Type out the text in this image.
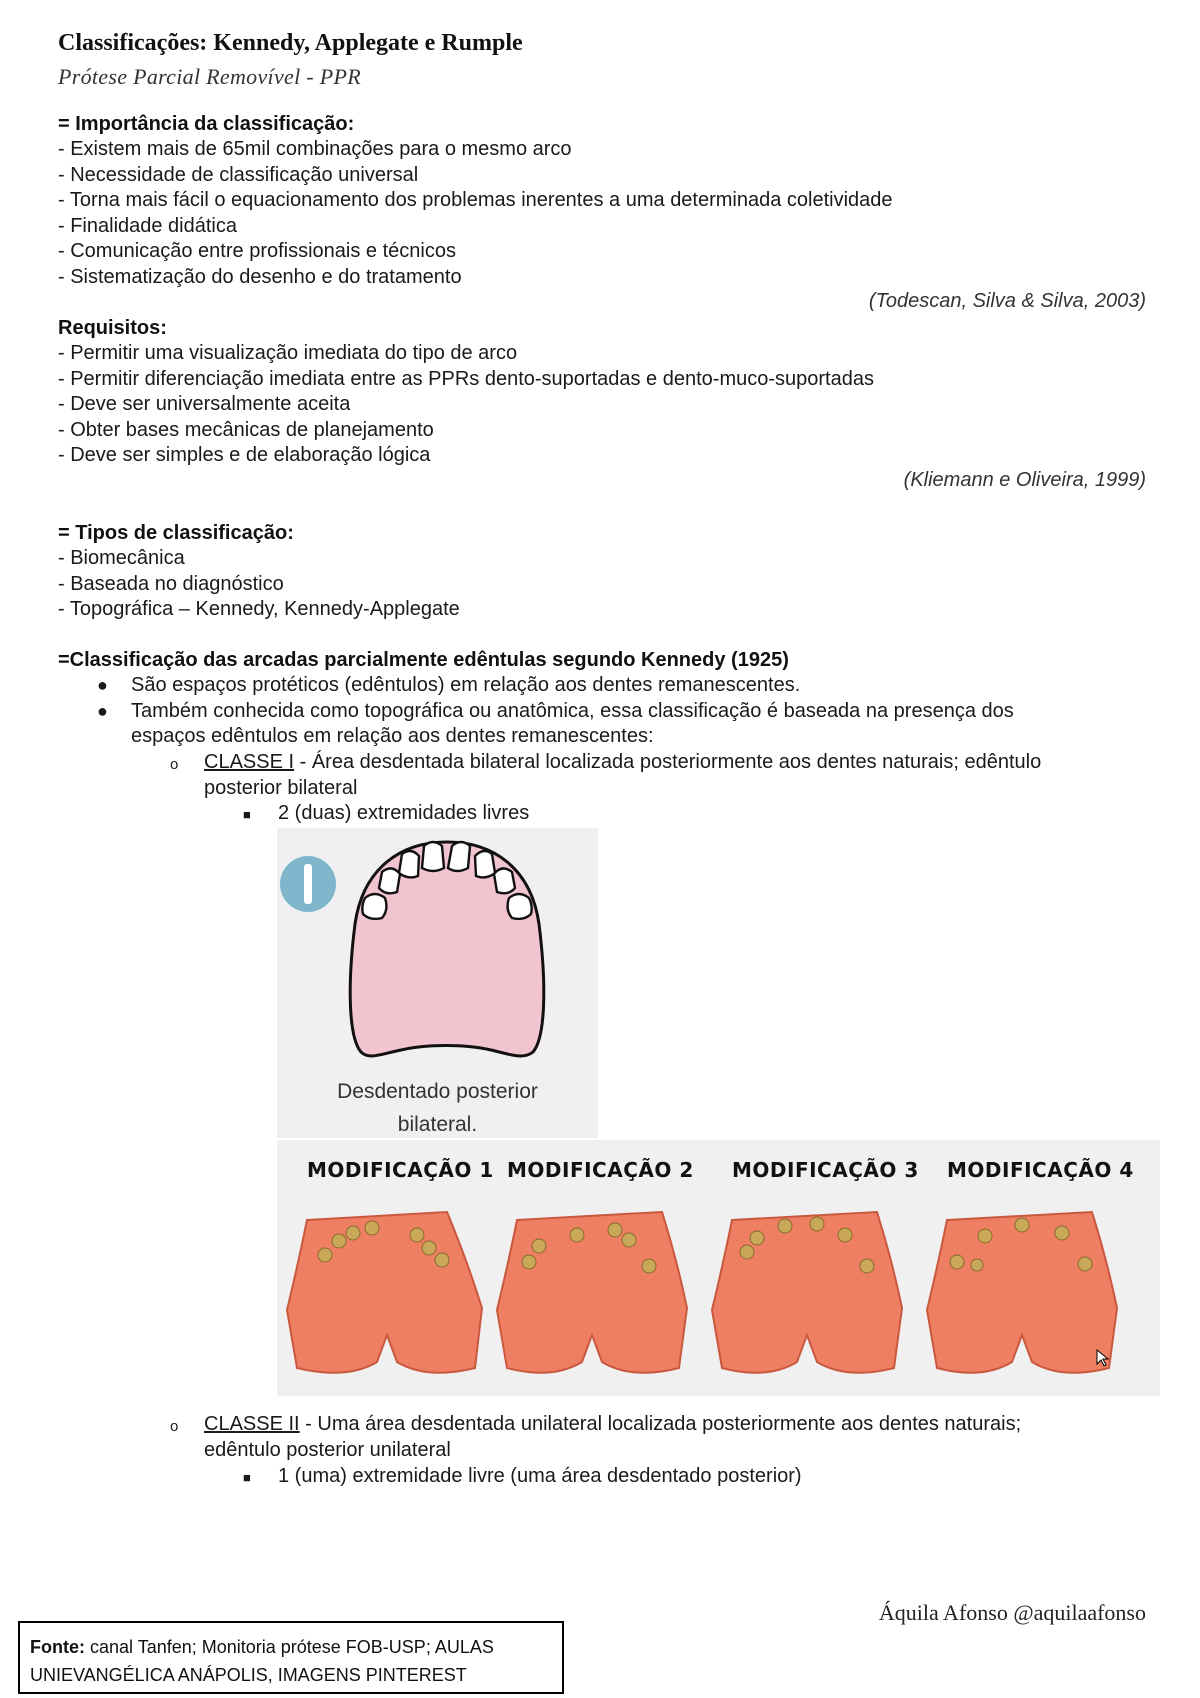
Classificações: Kennedy, Applegate e Rumple
Prótese Parcial Removível - PPR
= Importância da classificação:
- Existem mais de 65mil combinações para o mesmo arco
- Necessidade de classificação universal
- Torna mais fácil o equacionamento dos problemas inerentes a uma determinada coletividade
- Finalidade didática
- Comunicação entre profissionais e técnicos
- Sistematização do desenho e do tratamento
(Todescan, Silva & Silva, 2003)
Requisitos:
- Permitir uma visualização imediata do tipo de arco
- Permitir diferenciação imediata entre as PPRs dento-suportadas e dento-muco-suportadas
- Deve ser universalmente aceita
- Obter bases mecânicas de planejamento
- Deve ser simples e de elaboração lógica
(Kliemann e Oliveira, 1999)
= Tipos de classificação:
- Biomecânica
- Baseada no diagnóstico
- Topográfica – Kennedy, Kennedy-Applegate
=Classificação das arcadas parcialmente edêntulas segundo Kennedy (1925)
● São espaços protéticos (edêntulos) em relação aos dentes remanescentes.
● Também conhecida como topográfica ou anatômica, essa classificação é baseada na presença dos
espaços edêntulos em relação aos dentes remanescentes:
o CLASSE I - Área desdentada bilateral localizada posteriormente aos dentes naturais; edêntulo
posterior bilateral
■ 2 (duas) extremidades livres
Desdentado posterior
bilateral.
MODIFICAÇÃO 1 MODIFICAÇÃO 2 MODIFICAÇÃO 3 MODIFICAÇÃO 4
o CLASSE II - Uma área desdentada unilateral localizada posteriormente aos dentes naturais;
edêntulo posterior unilateral
■ 1 (uma) extremidade livre (uma área desdentado posterior)
Áquila Afonso @aquilaafonso
Fonte: canal Tanfen; Monitoria prótese FOB-USP; AULAS
UNIEVANGÉLICA ANÁPOLIS, IMAGENS PINTEREST
